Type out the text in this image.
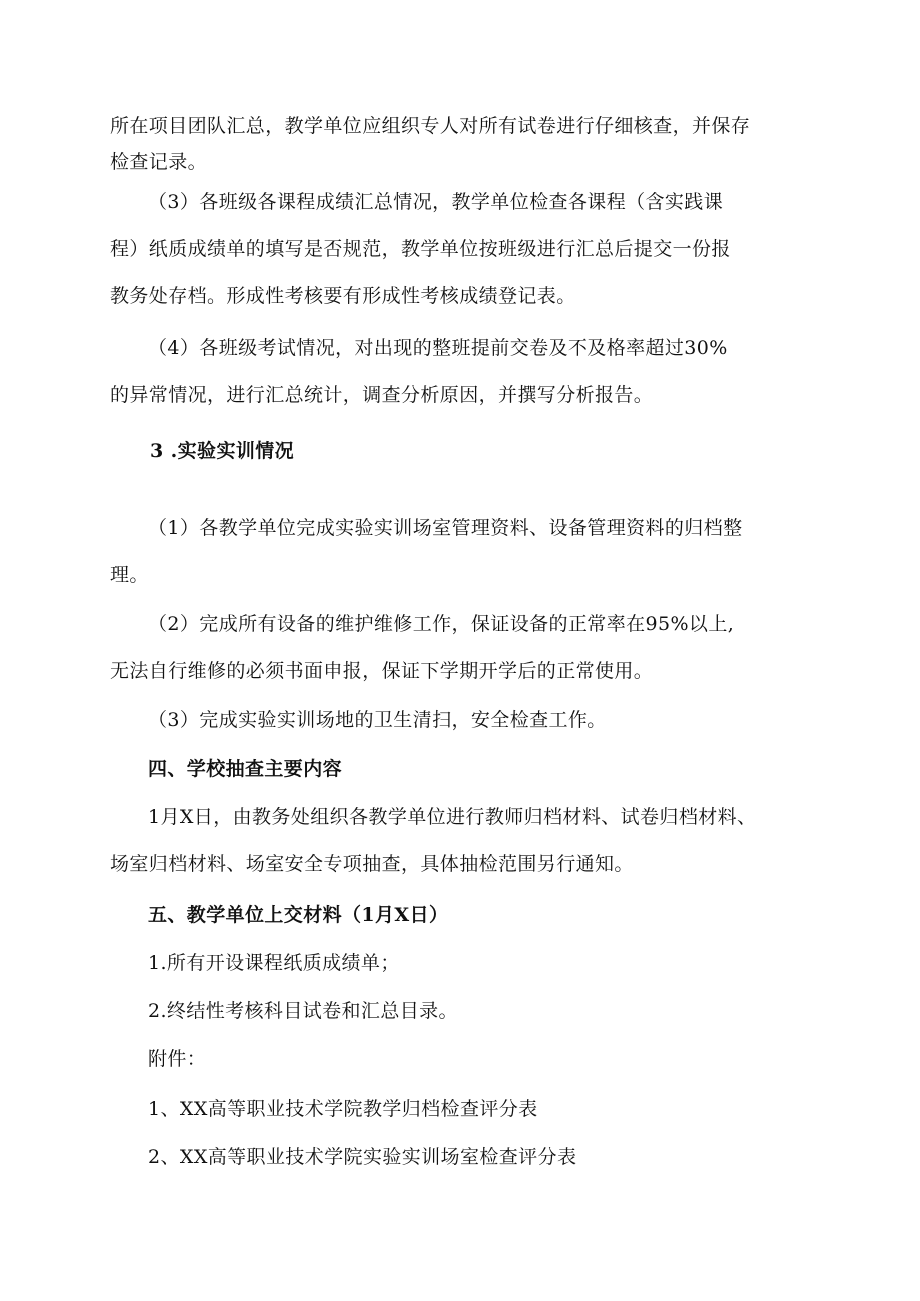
所在项目团队汇总，教学单位应组织专人对所有试卷进行仔细核查，并保存
检查记录。
（3）各班级各课程成绩汇总情况，教学单位检查各课程（含实践课
程）纸质成绩单的填写是否规范，教学单位按班级进行汇总后提交一份报
教务处存档。形成性考核要有形成性考核成绩登记表。
（4）各班级考试情况，对出现的整班提前交卷及不及格率超过30%
的异常情况，进行汇总统计，调查分析原因，并撰写分析报告。
3 .实验实训情况
（1）各教学单位完成实验实训场室管理资料、设备管理资料的归档整
理。
（2）完成所有设备的维护维修工作，保证设备的正常率在95%以上,
无法自行维修的必须书面申报，保证下学期开学后的正常使用。
（3）完成实验实训场地的卫生清扫，安全检查工作。
四、学校抽查主要内容
1月X日，由教务处组织各教学单位进行教师归档材料、试卷归档材料、
场室归档材料、场室安全专项抽查，具体抽检范围另行通知。
五、教学单位上交材料（1月X日）
1.所有开设课程纸质成绩单；
2.终结性考核科目试卷和汇总目录。
附件：
1、XX高等职业技术学院教学归档检查评分表
2、XX高等职业技术学院实验实训场室检查评分表
